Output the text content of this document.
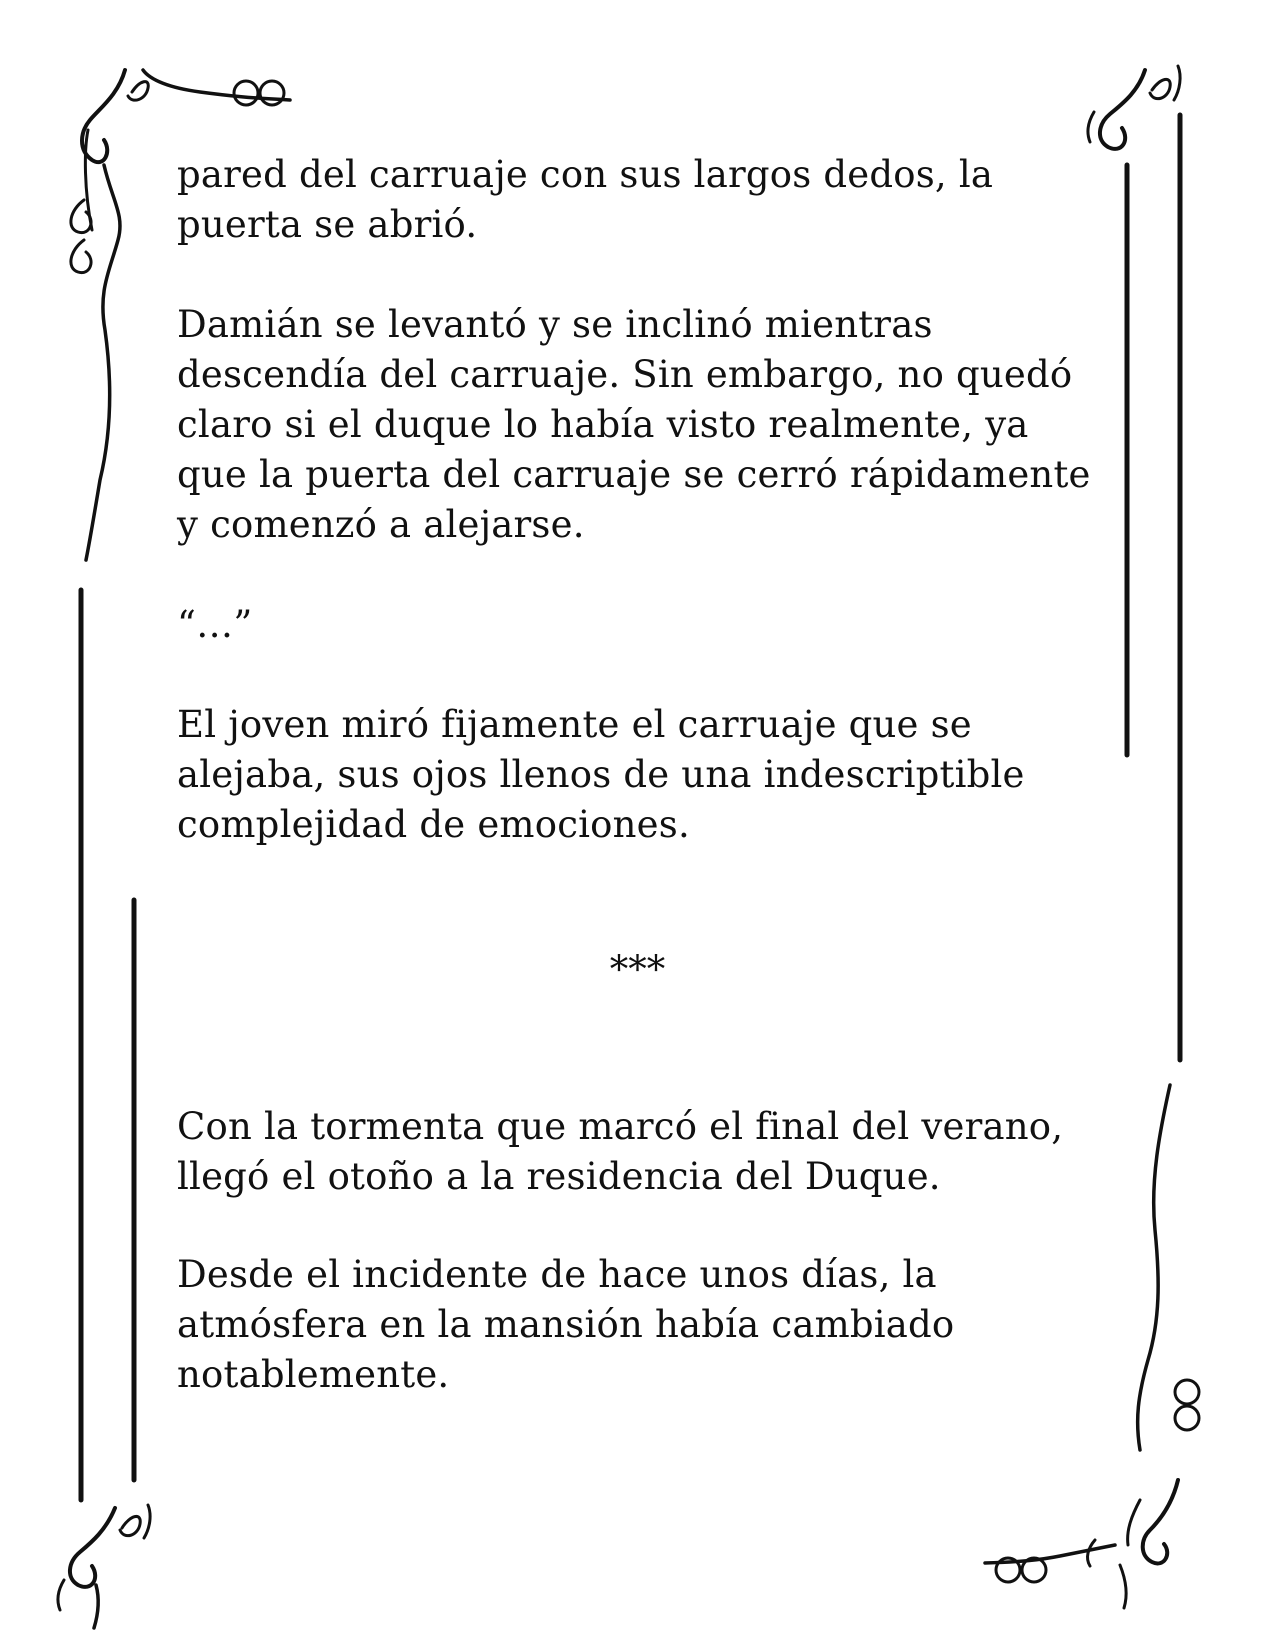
pared del carruaje con sus largos dedos, la
puerta se abrió.
Damián se levantó y se inclinó mientras
descendía del carruaje. Sin embargo, no quedó
claro si el duque lo había visto realmente, ya
que la puerta del carruaje se cerró rápidamente
y comenzó a alejarse.
“…”
El joven miró fijamente el carruaje que se
alejaba, sus ojos llenos de una indescriptible
complejidad de emociones.
***
Con la tormenta que marcó el final del verano,
llegó el otoño a la residencia del Duque.
Desde el incidente de hace unos días, la
atmósfera en la mansión había cambiado
notablemente.
